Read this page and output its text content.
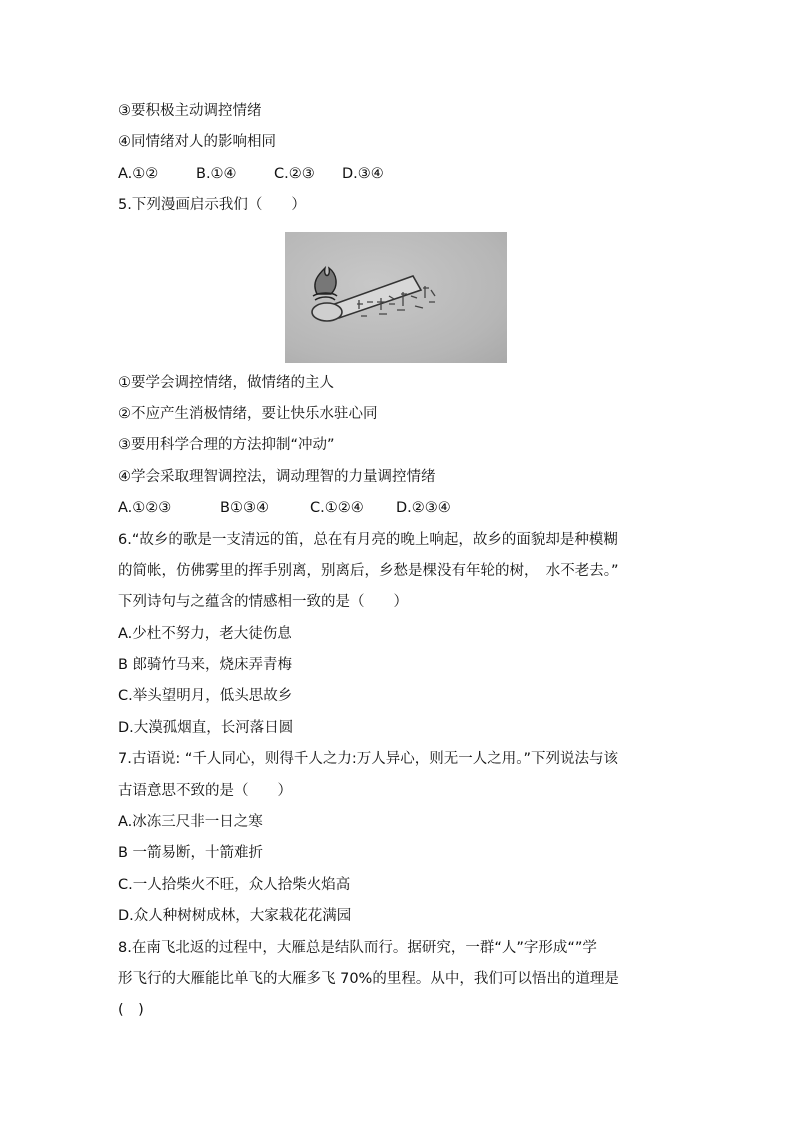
③要积极主动调控情绪
④同情绪对人的影响相同
A.①②	B.①④	C.②③ D.③④
5.下列漫画启示我们（　　）
①要学会调控情绪，做情绪的主人
②不应产生消极情绪，要让快乐水驻心同
③要用科学合理的方法抑制“冲动”
④学会采取理智调控法，调动理智的力量调控情绪
A.①②③	B①③④	C.①②④ D.②③④
6.“故乡的歌是一支清远的笛，总在有月亮的晚上响起，故乡的面貌却是种模糊
的简帐，仿佛雾里的挥手别离，别离后，乡愁是棵没有年轮的树，　水不老去。”
下列诗句与之蕴含的情感相一致的是（　　）
A.少杜不努力，老大徒伤息
B 郎骑竹马来，烧床弄青梅
C.举头望明月，低头思故乡
D.大漠孤烟直，长河落日圆
7.古语说: “千人同心，则得千人之力:万人异心，则无一人之用。”下列说法与该
古语意思不致的是（　　）
A.冰冻三尺非一日之寒
B 一箭易断，十箭难折
C.一人拾柴火不旺，众人拾柴火焰高
D.众人种树树成林，大家栽花花满园
8.在南飞北返的过程中，大雁总是结队而行。据研究，一群“人”字形成“”学
形飞行的大雁能比单飞的大雁多飞 70%的里程。从中，我们可以悟出的道理是
(　)
